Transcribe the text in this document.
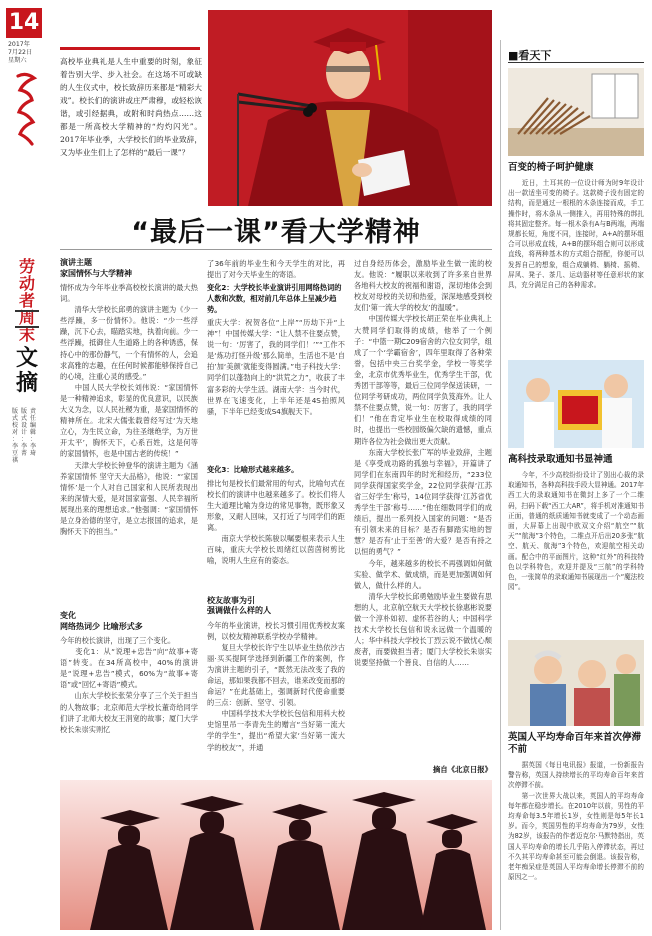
14
2017年
7月22日
星期六
劳动者周末
文摘
版
式
校
对
：
李
豆
祺
版
式
设
计
：
李
菁
责
任
编
辑
：
李
琦
高校毕业典礼是人生中重要的时刻，象征着告别大学、步入社会。在这场不可或缺的人生仪式中，校长致辞历来都是“精彩大戏”。校长们的演讲或庄严肃穆，或轻松诙谐，或引经据典，或附和时尚热点……这都是一所高校大学精神的“灼灼闪光”。2017年毕业季，大学校长们的毕业致辞，又为毕业生们上了怎样的“最后一课”？
“最后一课”看大学精神
演讲主题
家国情怀与大学精神
情怀成为今年毕业季高校校长演讲的最大热词。
　　清华大学校长邱勇的演讲主题为《少一些浮躁，多一份情怀》。他说：“少一些浮躁，沉下心去，瞄踏实地，执着向前。少一些浮躁，抵御住人生道路上的各种诱惑，保持心中的那份静气，一个有情怀的人，会追求高雅的志趣，在任何时候都能够保持自己的心境，注重心灵的感受。”
　　中国人民大学校长刘伟说：“家国情怀是一种精神追求，彰显的优良意识，以民族大义为念，以人民社稷为重，是家国情怀的精神所在。北宋大儒张载曾经写过‘为天地立心，为生民立命，为往圣继绝学，为万世开太平’，胸怀天下，心系百姓，这是何等的家国情怀，也是中国古老的传统！”
　　天津大学校长钟登华的演讲主题为《涵养家国情怀 坚守天大品格》，他说：“‘家国情怀’是一个人对自己国家和人民所表现出来的深情大爱，是对国家富强、人民幸福所展现出来的理想追求。”他强调：“家国情怀是立身治德的坚守，是立志报国的追求，是胸怀天下的担当。”
变化
网络热词少 比喻形式多
今年的校长演讲，出现了三个变化。
　　变化1：从“说理+忠告”向“故事+寄语”转变。在34所高校中，40%的演讲是“说理+忠告”模式，60%为“故事+寄语”或“回忆+寄语”模式。
　　山东大学校长张荣分享了三个关于担当的人物故事；北京师范大学校长董奇给同学们讲了北师大校友王涓宽的故事；厦门大学校长朱崇实则忆
了36年前的毕业生和今天学生的对比，再提出了对今天毕业生的寄语。
变化2：大学校长毕业演讲引用网络热词的人数和次数，相对前几年总体上呈减少趋势。
重庆大学：祝贺各位“上岸”“历劫下升“上神”！中国传媒大学：“让人禁不住要点赞，说一句：‘厉害了，我的同学们！’”“工作不是‘炼功打怪升级’那么简单，生活也不是‘自拍’加‘美颜’就能变得圆满。”电子科技大学：同学们以蓬勃向上的“洪荒之力”，收获了丰富多彩的大学生活。湖南大学：当今时代，世界在飞速变化，上半年还是4S拍照风骚，下半年已经变成S4旗舰天下。
变化3：比喻形式越来越多。
排比句是校长们最常用的句式，比喻句式在校长们的演讲中也越来越多了。校长们将人生大道理比喻为身边的常见事物，既形象又形象，又耐人回味，又打近了与同学们的距离。
　　南京大学校长陈骏以嘱要根来表示人生百味，重庆大学校长周绪红以茵茵树剪比喻，说明人生应有的姿态。
校友故事为引
强调做什么样的人
今年的毕业演讲，校长习惯引用优秀校友案例，以校友精神联系学校办学精神。
　　复旦大学校长许宁生以毕业生热依沙古丽·买买提阿学选择到新疆工作的案例，作为演讲主题的引子，“既然无法改变了我的命运，那如果我都不回去，谁来改变而那的命运？”在此基础上，强调新时代使命重要的三点：创新、坚守、引领。
　　中国科学技术大学校长包信和用科大校史馆里吊一李青先生的赠言“当好第一流大学的学生”，提出“希望大家‘当好第一流大学的校友’”，并通
过自身经历体会，激励毕业生做一流的校友。他说：“履职以来收到了许多来自世界各地科大校友的祝福和谢语，深切地体会到校友对母校的关切和热爱，深深地感受到校友们‘第一流大学的校友’的温暖”。
　　中国传媒大学校长胡正荣在毕业典礼上大赞同学们取得的成绩，他举了一个例子：“中篮一期C209宿舍的六位女同学，组成了一个‘学霸宿舍’，四年里取得了各种荣誉，包括中央三台奖学金，学校一等奖学金，北京市优秀毕业生，优秀学生干部，优秀团干部等等，最后三位同学保送读研，一位同学考研成功，两位同学负笈海外。让人禁不住要点赞，说一句：厉害了，我的同学们！”他在肯定毕业生在校取得成绩的同时，也提出一些校园级偏欠缺的遗憾，重点期许各位为社会做出更大贡献。
　　东南大学校长张广军的毕业致辞，主题是《享受成功路的孤独与幸福》，开篇讲了同学们在东南四年的时光和经历，“233位同学获得国家奖学金，22位同学获得‘江苏省三好学生’称号，14位同学获得‘江苏省优秀学生干部’称号……”他在细数同学们的成绩后，提出一系列投入国家的问题：“是否有引领未来的目标？是否有脚踏实地的智慧？是否有‘止于至善’的大爱？是否有持之以恒的勇气？”
　　今年，越来越多的校长不再强调如何做实验、做学术、做成绩，而是更加强调如何做人，做什么样的人。
　　清华大学校长邱勇勉励毕业生要做有思想的人，北京航空航天大学校长徐惠彬说要做一个淳朴如初、虚怀若谷的人；中国科学技术大学校长包信和说永远做一个温暖的人；华中科技大学校长丁烈云说不做忧心颓废者，而要做担当者；厦门大学校长朱崇实说要坚持做一个善良、自信的人……
摘自《北京日报》
■看天下
百变的椅子呵护健康
　　近日，土耳其的一位设计师为时9年设计出一款适坐可变的椅子。这款椅子没有固定的结构，而是通过一根根的木条连接而成，手工操作时，将木条从一侧推入，再用特殊的绑扎将其固定整齐。每一根木条有A与B两端，两端规都长短，角度不同，连接时，A+A的摆环组合可以形成直线，A+B的摆环组合则可以形成直线，将两种基木的方式组合搭配，你便可以发挥自己的想象，组合成躺椅、躺椅、摇椅、屏风、凳子、茶几、运动器材等任意形状的家具，充分满足自己的各种需求。
高科技录取通知书显神通
　　今年，不少高校纷纷设计了别出心裁的录取通知书，各种高科技手段大显神通。2017年西工大的录取通知书在微封上多了一个二维码，扫码下载“西工大AR”，将手机对准通知书正面，普通的纸质通知书就变成了一个动态画面，大屏幕上出现中欧双文介绍“航空”“航天”“航海”3个特色，二维点开后出20多张“航空、航天、航海”3个特色，欢迎航空相关动画。配合中的平面图片，这种“红外”的科技特色以学科特色，欢迎并提及“三航”的学科特色，一张简单的录取通知书展现出一个“魔法校园”。
英国人平均寿命百年来首次停滞不前
　　据英国《每日电讯报》报道，一份新报告警告称，英国人持续增长的平均寿命百年来首次停滞不前。
　　第一次世界大战以来，英国人的平均寿命每年都在稳步增长。在2010年以前，男性的平均寿命每3.5年增长1岁，女性则是每5年长1岁。而今，英国男性的平均寿命为79岁，女性为82岁，该报告的作者迈克尔·马默特指出，英国人平均寿命的增长几乎陷入停滞状态，再过不久其平均寿命甚至可能会倒退。该报告称，老年痴呆症是英国人平均寿命增长停滞不前的原因之一。
